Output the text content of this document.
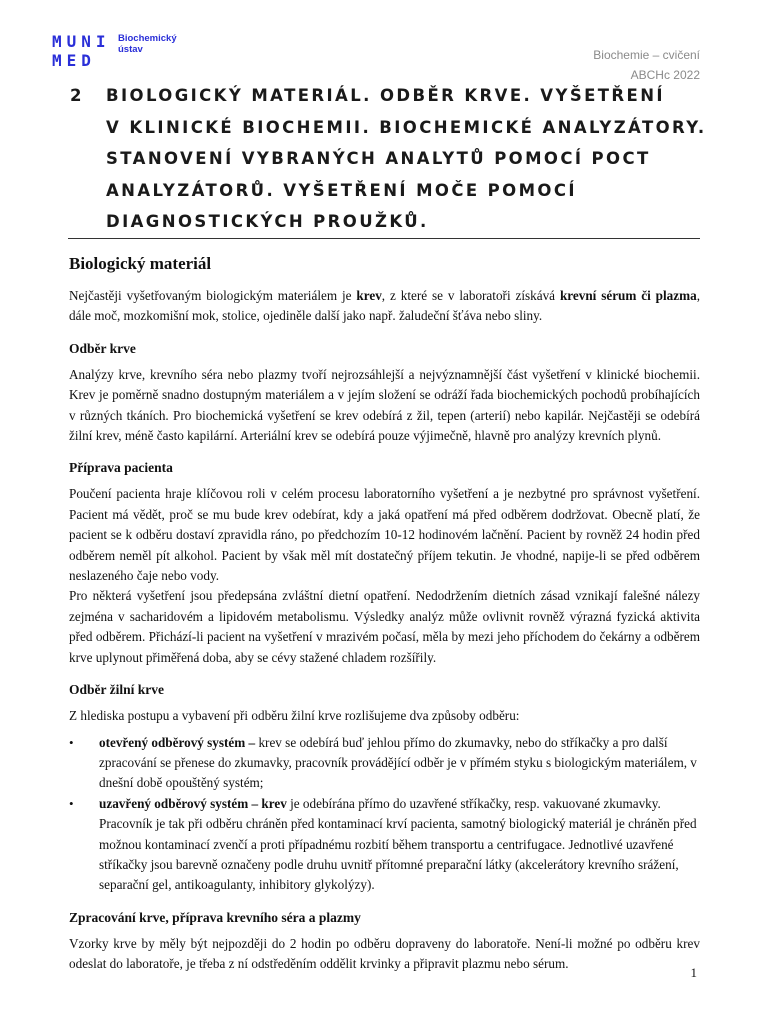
MUNI
MED
Biochemický
ústav	Biochemie – cvičení
ABCHc 2022
2 BIOLOGICKÝ MATERIÁL. ODBĚR KRVE. VYŠETŘENÍ
V KLINICKÉ BIOCHEMII. BIOCHEMICKÉ ANALYZÁTORY.
STANOVENÍ VYBRANÝCH ANALYTŮ POMOCÍ POCT
ANALYZÁTORŮ. VYŠETŘENÍ MOČE POMOCÍ
DIAGNOSTICKÝCH PROUŽKŮ.
Biologický materiál

Nejčastěji vyšetřovaným biologickým materiálem je krev, z které se v laboratoři získává krevní sérum či plazma, dále moč, mozkomišní mok, stolice, ojediněle další jako např. žaludeční šťáva nebo sliny.

Odběr krve

Analýzy krve, krevního séra nebo plazmy tvoří nejrozsáhlejší a nejvýznamnější část vyšetření v klinické biochemii. Krev je poměrně snadno dostupným materiálem a v jejím složení se odráží řada biochemických pochodů probíhajících v různých tkáních. Pro biochemická vyšetření se krev odebírá z žil, tepen (arterií) nebo kapilár. Nejčastěji se odebírá žilní krev, méně často kapilární. Arteriální krev se odebírá pouze výjimečně, hlavně pro analýzy krevních plynů.

Příprava pacienta

Poučení pacienta hraje klíčovou roli v celém procesu laboratorního vyšetření a je nezbytné pro správnost vyšetření. Pacient má vědět, proč se mu bude krev odebírat, kdy a jaká opatření má před odběrem dodržovat. Obecně platí, že pacient se k odběru dostaví zpravidla ráno, po předchozím 10-12 hodinovém lačnění. Pacient by rovněž 24 hodin před odběrem neměl pít alkohol. Pacient by však měl mít dostatečný příjem tekutin. Je vhodné, napije-li se před odběrem neslazeného čaje nebo vody.

Pro některá vyšetření jsou předepsána zvláštní dietní opatření. Nedodržením dietních zásad vznikají falešné nálezy zejména v sacharidovém a lipidovém metabolismu. Výsledky analýz může ovlivnit rovněž výrazná fyzická aktivita před odběrem. Přichází-li pacient na vyšetření v mrazivém počasí, měla by mezi jeho příchodem do čekárny a odběrem krve uplynout přiměřená doba, aby se cévy stažené chladem rozšířily.

Odběr žilní krve

Z hlediska postupu a vybavení při odběru žilní krve rozlišujeme dva způsoby odběru:

• otevřený odběrový systém – krev se odebírá buď jehlou přímo do zkumavky, nebo do stříkačky a pro další zpracování se přenese do zkumavky, pracovník provádějící odběr je v přímém styku s biologickým materiálem, v dnešní době opouštěný systém;
• uzavřený odběrový systém – krev je odebírána přímo do uzavřené stříkačky, resp. vakuované zkumavky. Pracovník je tak při odběru chráněn před kontaminací krví pacienta, samotný biologický materiál je chráněn před možnou kontaminací zvenčí a proti případnému rozbití během transportu a centrifugace. Jednotlivé uzavřené stříkačky jsou barevně označeny podle druhu uvnitř přítomné preparační látky (akcelerátory krevního srážení, separační gel, antikoagulanty, inhibitory glykolýzy).
Zpracování krve, příprava krevního séra a plazmy

Vzorky krve by měly být nejpozději do 2 hodin po odběru dopraveny do laboratoře. Není-li možné po odběru krev odeslat do laboratoře, je třeba z ní odstředěním oddělit krvinky a připravit plazmu nebo sérum.

1
